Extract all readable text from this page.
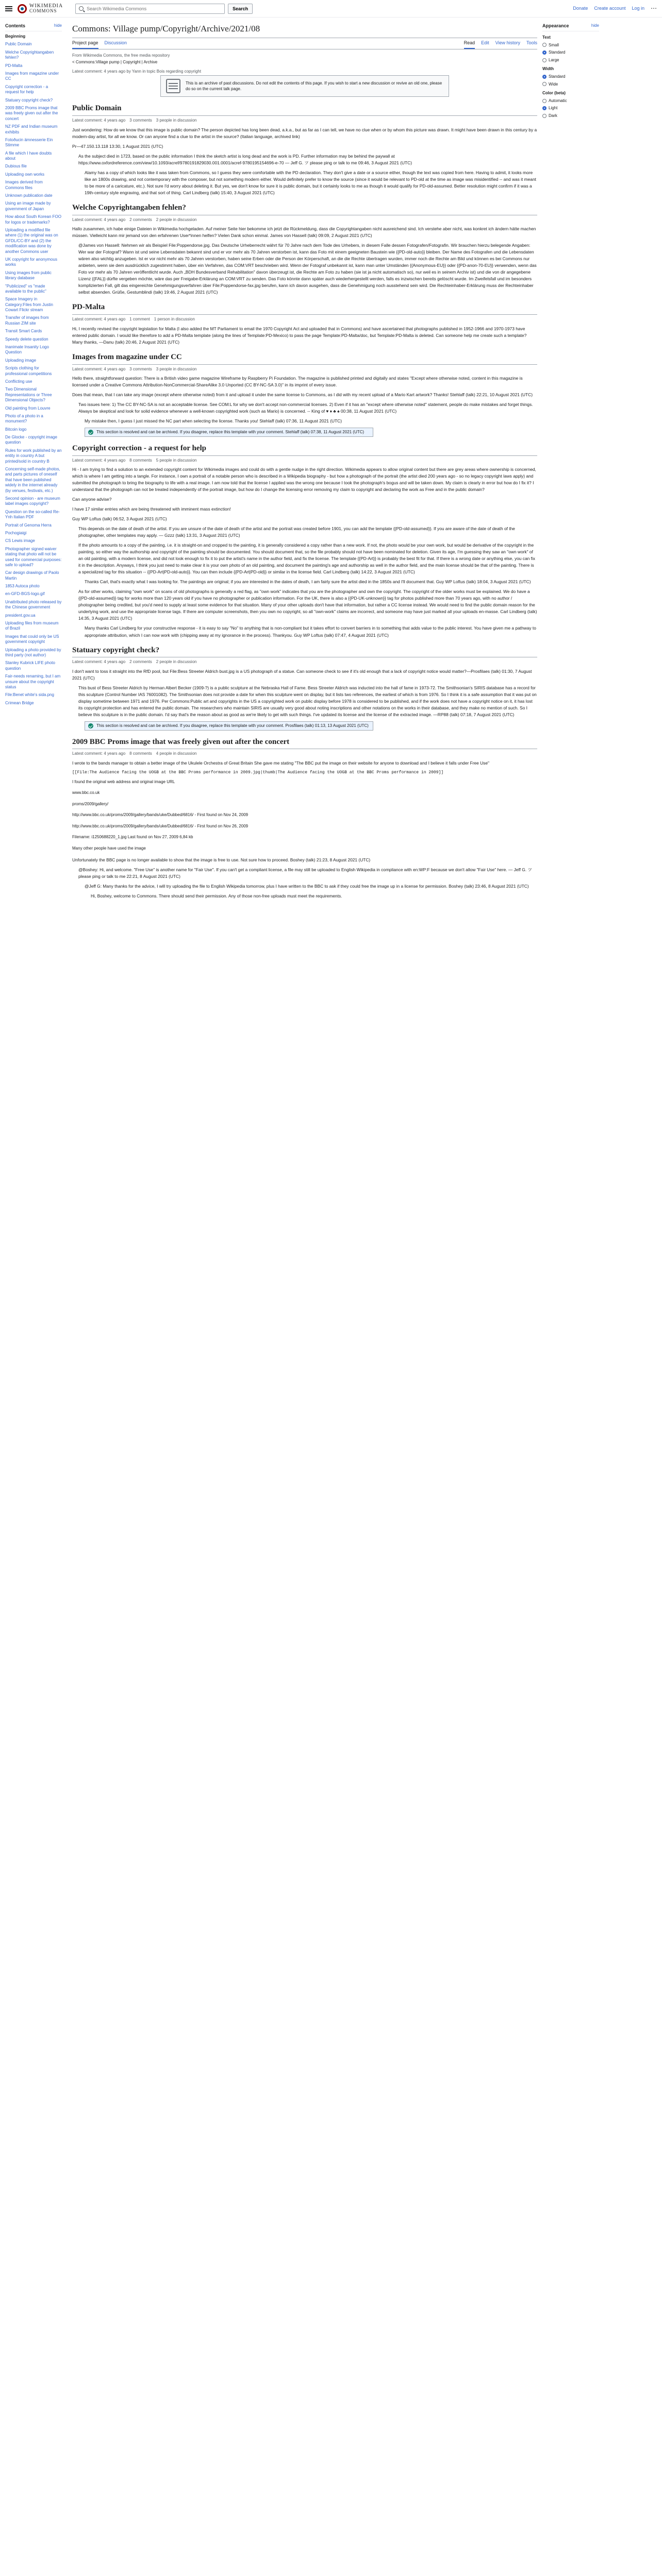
WIKIMEDIA
COMMONS
Search Wikimedia Commons	Search	Donate Create account Log in ⋯
Contents	hide
Beginning
Public Domain
Welche Copyrightangaben fehlen?
PD-Malta
Images from magazine under CC
Copyright correction - a request for help
Statuary copyright check?
2009 BBC Proms image that was freely given out after the concert
NZ PDF and Indian museum exhibits
Fotoðucin ämnesserie Ein Stimme
A file which I have doubts about
Dubious file
Uploading own works
Images derived from Commons files
Unknown publication date
Using an image made by government of Japan
How about South Korean FOO for logos or trademarks?
Uploading a modified file where (1) the original was on GFDL/CC-BY and (2) the modification was done by another Commons user
UK copyright for anonymous works
Using images from public library database
"Publicized" vs "made available to the public"
Space Imagery in Category:Files from Justin Cowart Flickr stream
Transfer of images from Russian ZIM site
Transit Smart Cards
Speedy delete question
Inanimate Insanity Logo Question
Uploading image
Scripts clothing for professional competitions
Conflicting use
Two Dimensional Representations or Three Dimensional Objects?
Old painting from Louvre
Photo of a photo in a monument?
Bitcoin logo
De Glocke - copyright image question
Rules for work published by an entity in country A but printed/sold in country B
Concerning self-made photos, and parts pictures of oneself that have been published widely in the internet already (by venues, festivals, etc.)
Second opinion - are museum label images copyright?
Question on the so-called Re-Ynh Italian PDF
Portrait of Genoma Herra
Pochogiaigi
CS Lewis image
Photographer signed waiver stating that photo will not be used for commercial purposes: safe to upload?
Car design drawings of Paolo Martin
1853 Autoca photo
en-GFD-BGS-logo.gif
Unattributed photo released by the Chinese government
president.gov.ua
Uploading files from museum of Brazil
Images that could only be US government copyright
Uploading a photo provided by third party (not author)
Stanley Kubrick LIFE photo question
Fair-needs renaming, but I am unsure about the copyright status
File:Benet white's sida.png
Crimean Bridge
Commons: Village pump/Copyright/Archive/2021/08
Project page Discussion	Read Edit View history Tools
From Wikimedia Commons, the free media repository
< Commons:Village pump | Copyright | Archive
Latest comment: 4 years ago by Yann in topic Bois regarding copyright
This is an archive of past discussions. Do not edit the contents of this page. If you wish to start a new discussion or revive an old one, please do so on the current talk page.
Public Domain
Latest comment: 4 years ago 3 comments 3 people in discussion
Just wondering: How do we know that this image is public domain? The person depicted has long been dead, a.k.a., but as far as I can tell, we have no clue when or by whom this picture was drawn. It might have been drawn in this century by a modern-day artist, for all we know. Or can anyone find a clue to the artist in the source? (Italian language, archived link)
Pr—47.150.13.118 13:30, 1 August 2021 (UTC)
As the subject died in 1723, based on the public information I think the sketch artist is long dead and the work is PD. Further information may be behind the paywall at https://www.oxfordreference.com/view/10.1093/acref/9780191829030.001.0001/acref-9780195154696-e-70 — Jeff G. ツ please ping or talk to me 09:46, 3 August 2021 (UTC)
Alamy has a copy of which looks like it was taken from Commons, so I guess they were comfortable with the PD declaration. They don't give a date or a source either, though the text was copied from here. Having to admit, it looks more like an 1800s drawing, and not contemporary with the composer, but not something modern either. Would definitely prefer to know the source (since it would be relevant to PD-old at the time as image was misidentified -- and was it meant to be more of a caricature, etc.). Not sure I'd worry about deleting it. But yes, we don't know for sure it is public domain, but it certainly looks to me as though it would qualify for PD-old-assumed. Better resolution might confirm if it was a 19th-century style engraving, and that sort of thing. Carl Lindberg (talk) 15:40, 3 August 2021 (UTC)
Welche Copyrightangaben fehlen?
Latest comment: 4 years ago 2 comments 2 people in discussion
Hallo zusammen, ich habe einige Dateien in Wikimedia hochgeladen. Auf meiner Seite hier bekomme ich jetzt die Rückmeldung, dass die Copyrightangaben nicht ausreichend sind. Ich verstehe aber nicht, was konkret ich ändern hätte machen müssen. Vielleicht kann mir jemand von den erfahrenen User*innen helfen? Vielen Dank schon einmal. James von Hassell (talk) 09:09, 2 August 2021 (UTC)
@James von Hassell: Nehmen wir als Beispiel File:Poppendorse.jpg. Das Deutsche Urheberrecht währt für 70 Jahre nach dem Tode des Urhebers, in diesem Falle dessen Fotografen/Fotografin. Wir brauchen hierzu belegende Angaben: Wer war der Fotograf? Wann ist und seine Lebensdaten bekannt sind und er vor mehr als 70 Jahren verstorben ist, kann das Foto mit einem geeigneten Baustein wie {{PD-old-auto}} bleiben. Der Name des Fotografen und die Lebensdaten wären also wichtig anzugeben. Ist er vor nicht mehr als 70 Jahren verstorben, haben seine Erben oder die Person der Körperschaft, an die die Rechte übertragen wurden, immer noch die Rechte am Bild und können es bei Commons nur anbieten, wenn sie dem ausdrücklich zugestimmt haben, über ein Verfahren, das COM:VRT beschrieben wird. Wenn der Fotograf unbekannt ist, kann man unter Umständen {{Anonymous-EU}} oder {{PD-anon-70-EU}} verwenden, wenn das Foto vor mehr als 70 Jahren veröffentlicht wurde. Auch „BDH Bundesverband Rehabilitation" davon überzeugt ist, die Rechte am Foto zu haben (sie ist ja nicht automatisch so), nur weil es in seinem Archiv ist) und die von dir angegebene Lizenz {{FAL}} dürfte vergeben möchte, wäre das per Freigabe-Erklärung an COM:VRT zu senden. Das Foto könnte dann später auch wiederhergestellt werden, falls es inzwischen bereits gelöscht wurde. Im Zweifelsfall und im besonders komplizierten Fall, gilt das eingereichte Genehmigungsverfahren über File:Poppendorse-fax.jpg berufen, kann ich davon ausgehen, dass die Genehmigung noch ausstehend sein wird. Die Rechteinhaber-Erklärung muss der Rechteinhaber selbst absenden. Grüße, Gestumblindi (talk) 19:46, 2 August 2021 (UTC)
PD-Malta
Latest comment: 4 years ago 1 comment 1 person in discussion
Hi, I recently revised the copyright legislation for Malta (I also added the MT Parliament to email the 1970 Copyright Act and uploaded that in Commons) and have ascertained that photographs published in 1952-1966 and 1970-1973 have entered public domain. I would like therefore to add a PD-Malta template (along the lines of Template:PD-Mexico) to pass the page Template:PD-Malta/doc, but Template:PD-Malta is deleted. Can someone help me create such a template? Many thanks, —Danu (talk) 20:46, 2 August 2021 (UTC)
Images from magazine under CC
Latest comment: 4 years ago 3 comments 3 people in discussion
Hello there, straightforward question: There is a British video game magazine Wireframe by Raspberry Pi Foundation. The magazine is published printed and digitally and states "Except where otherwise noted, content in this magazine is licensed under a Creative Commons Attribution-NonCommercial-ShareAlike 3.0 Unported (CC BY-NC-SA 3.0)" in its imprint of every issue.
Does that mean, that I can take any image (except where otherwise noted) from it and upload it under the same license to Commons, as I did with my recent upload of a Mario Kart artwork? Thanks! Stehlaff (talk) 22:21, 10 August 2021 (UTC)
Two issues here: 1) The CC BY-NC-SA is not an acceptable license. See COM:L for why we don't accept non-commercial licenses. 2) Even if it has an "except where otherwise noted" statement, people do make mistakes and forget things. Always be skeptical and look for solid evidence whenever a well-known copyrighted work (such as Mario) is concerned. -- King of ♥ ♦ ♣ ♠ 00:38, 11 August 2021 (UTC)
My mistake then, I guess I just missed the NC part when selecting the license. Thanks you! Stehlaff (talk) 07:36, 11 August 2021 (UTC)
This section is resolved and can be archived. If you disagree, replace this template with your comment. Stehlaff (talk) 07:38, 11 August 2021 (UTC)
Copyright correction - a request for help
Latest comment: 4 years ago 8 comments 5 people in discussion
Hi - I am trying to find a solution to an extended copyright content for Wikimedia images and could do with a gentle nudge in the right direction. Wikimedia appears to allow original content but there are grey areas where ownership is concerned, which is where I am getting into a tangle. For instance, I own a portrait of a notable person who is described in a Wikipedia biography - but how a photograph of the portrait (the artist died 200 years ago - so no legacy copyright laws apply) and submitted the photograph to bring the biography to life with a real image. I am now told that the license I applied was the wrong one because I took the photograph's bogus and will be taken down. My claim is clearly in error but how do I fix it? I understand that the photograph can not be treated independently of the portrait image, but how do I change the licensing error removing my claim to copyright and declaring the work as Free and in the public domain?
Can anyone advise?
I have 17 similar entries which are being threatened with imminent mass extinction!
Guy WP Loftus (talk) 06:52, 3 August 2021 (UTC)
This depends on the date of death of the artist. If you are unsure of the date of death of the artist and the portrait was created before 1901, you can add the template {{PD-old-assumed}}. If you are aware of the date of death of the photographer, other templates may apply. — Gzzz (talk) 13:31, 3 August 2021 (UTC)
If the photo amounts to a copy of the painting, i.e. it is straight-on and cropped to the painting, it is generally considered a copy rather than a new work. If not, the photo would be your own work, but would be derivative of the copyright in the painting, so either way the authorship and copyright of the painting should be documented. You should document that, so the file probably should not have been nominated for deletion. Given its age, I'm guessing they saw an "own work" of an old painting, with a modern license, and did not look enough to fix it to put the artist's name in the author field, and fix the license. The template {{PD-Art}} is probably the best fit for that. If there is a wrong date or anything else, you can fix it in the description. Anyways, I think you just need to make clear it is your own photo of an old painting, and document the painting's age and authorship as well in the author field, and the main license should be that of the painting. There is a specialized tag for this situation -- {{PD-Art|PD-old-auto}}. You can then include {{PD-Art|PD-old}} or similar in the license field. Carl Lindberg (talk) 14:22, 3 August 2021 (UTC)
Thanks Carl, that's exactly what I was looking for. The paintings are original; if you are interested in the dates of death, I am fairly sure the artist died in the 1850s and I'll document that. Guy WP Loftus (talk) 18:04, 3 August 2021 (UTC)
As for other works, claiming "own work" on scans of old photographs is generally a red flag, as "own work" indicates that you are the photographer and own the copyright. The copyright of the older works must be explained. We do have a {{PD-old-assumed}} tag for works more than 120 years old if you have no photographer or publication information. For the UK, there is also a {{PD-UK-unknown}} tag for photos published more than 70 years ago, with no author / photographer being credited, but you'd need to supply at least some evidence for that situation. Many of your other uploads don't have that information, but rather a CC license instead. We would need to find the public domain reason for the underlying work, and use the appropriate license tags. If there are computer screenshots, then you own no copyright, so all "own-work" claims are incorrect, and someone may have just marked all your uploads en-masse. Carl Lindberg (talk) 14:35, 3 August 2021 (UTC)
Many thanks Carl Lindberg for your constructive response - it is easy to say "No" to anything that is non-compliant but it takes effort to convert barriers in to something that adds value to the public interest. You have given me a pathway to appropriate attribution, which I can now work with (chipping away at my ignorance in the process). Thankyou. Guy WP Loftus (talk) 07:47, 4 August 2021 (UTC)
Statuary copyright check?
Latest comment: 4 years ago 2 comments 2 people in discussion
I don't want to toss it straight into the RfD pool, but File:Bess Streeter Aldrich bust.jpg is a US photograph of a statue. Can someone check to see if it's old enough that a lack of copyright notice would matter?—Prosfilaes (talk) 01:30, 7 August 2021 (UTC)
This bust of Bess Streeter Aldrich by Herman Albert Becker (1909-?) is a public sculpture at the Nebraska Hall of Fame. Bess Streeter Aldrich was inducted into the hall of fame in 1973-72. The Smithsonian's SIRIS database has a record for this sculpture (Control Number IAS 76001082). The Smithsonian does not provide a date for when this sculpture went on display, but it lists two references, the earliest of which is from 1976. So I think it is a safe assumption that it was put on display sometime between 1971 and 1976. Per Commons:Public art and copyrights in the US a copyrighted work on public display before 1978 is considered to be published, and if the work does not have a copyright notice on it, it has lost its copyright protection and has entered the public domain. The researchers who maintain SIRIS are usually very good about noting inscriptions and other notations on the works in their database, and they make no mention of such. So I believe this sculpture is in the public domain. I'd say that's the reason about as good as we're likely to get with such things. I've updated its license and the license of the extracted image. —RP88 (talk) 07:18, 7 August 2021 (UTC)
This section is resolved and can be archived. If you disagree, replace this template with your comment. Prosfilaes (talk) 01:13, 13 August 2021 (UTC)
2009 BBC Proms image that was freely given out after the concert
Latest comment: 4 years ago 8 comments 4 people in discussion
I wrote to the bands manager to obtain a better image of the Ukulele Orchestra of Great Britain She gave me stating "The BBC put the image on their website for anyone to download and I believe it falls under Free Use"
[[File:The Audience facing the UOGB at the BBC Proms performance in 2009.jpg|thumb|The Audience facing the UOGB at the BBC Proms performance in 2009]]
I found the original web address and original image URL
www.bbc.co.uk
proms/2009/gallery/
http://www.bbc.co.uk/proms/2009/gallery/bands/uke/Dubbed/6816/ - First found on Nov 24, 2009
http://www.bbc.co.uk/proms/2009/gallery/bands/uke/Dubbed/6816/ - First found on Nov 26, 2009
Filename: i1250688220_1.jpg Last found on Nov 27, 2009 6,84 kb
Many other people have used the image
Unfortunately the BBC page is no longer available to show that the image is free to use. Not sure how to proceed. Boshey (talk) 21:23, 8 August 2021 (UTC)
@Boshey: Hi, and welcome. "Free Use" is another name for "Fair Use". If you can't get a compliant license, a file may still be uploaded to English Wikipedia in compliance with en:WP:F because we don't allow "Fair Use" here. — Jeff G. ツ please ping or talk to me 22:21, 8 August 2021 (UTC)
@Jeff G: Many thanks for the advice, I will try uploading the file to English Wikipedia tomorrow, plus I have written to the BBC to ask if they could free the image up in a license for permission. Boshey (talk) 23:46, 8 August 2021 (UTC)
Hi, Boshey, welcome to Commons. There should send their permission. Any of those non-free uploads must meet the requirements.
Appearance	hide
Text
Small
Standard
Large
Width
Standard
Wide
Color (beta)
Automatic
Light
Dark
